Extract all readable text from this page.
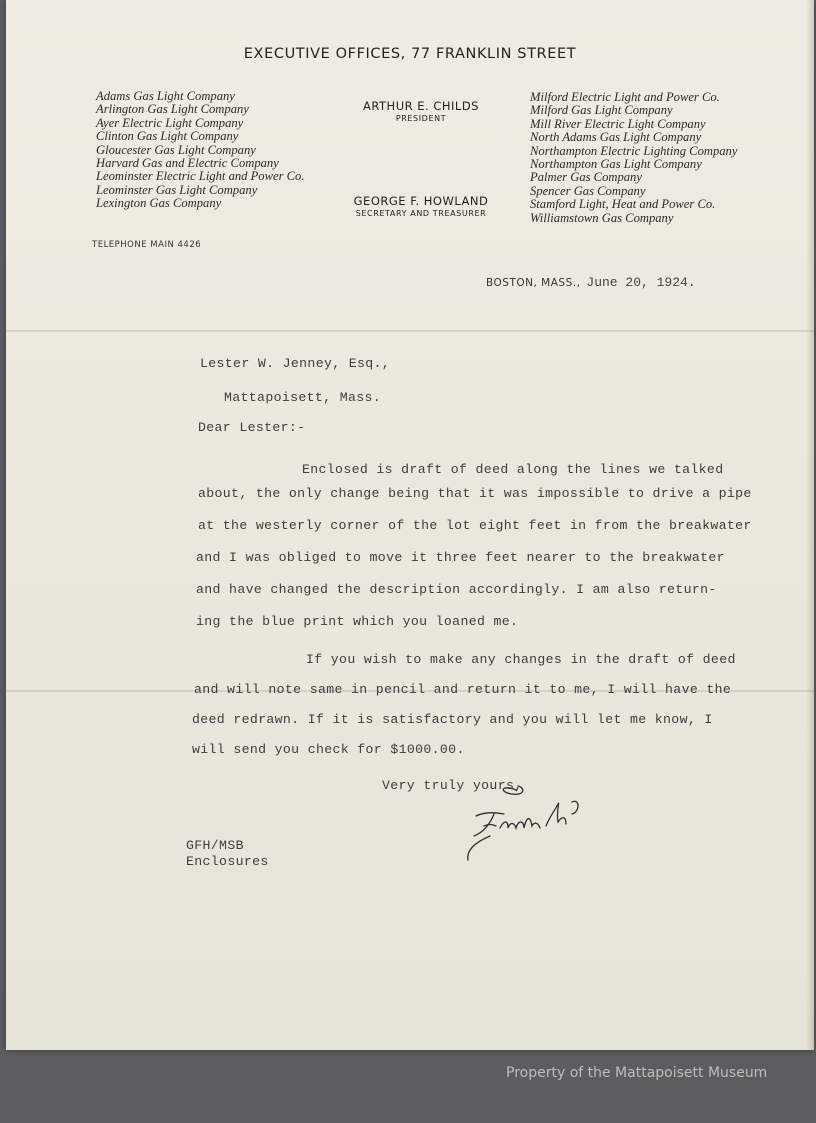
EXECUTIVE OFFICES, 77 FRANKLIN STREET
Adams Gas Light Company
Arlington Gas Light Company
Ayer Electric Light Company
Clinton Gas Light Company
Gloucester Gas Light Company
Harvard Gas and Electric Company
Leominster Electric Light and Power Co.
Leominster Gas Light Company
Lexington Gas Company
ARTHUR E. CHILDS
PRESIDENT
GEORGE F. HOWLAND
SECRETARY AND TREASURER
Milford Electric Light and Power Co.
Milford Gas Light Company
Mill River Electric Light Company
North Adams Gas Light Company
Northampton Electric Lighting Company
Northampton Gas Light Company
Palmer Gas Company
Spencer Gas Company
Stamford Light, Heat and Power Co.
Williamstown Gas Company
TELEPHONE MAIN 4426
BOSTON, MASS., June 20, 1924.
Lester W. Jenney, Esq.,
Mattapoisett, Mass.
Dear Lester:-
Enclosed is draft of deed along the lines we talked
about, the only change being that it was impossible to drive a pipe
at the westerly corner of the lot eight feet in from the breakwater
and I was obliged to move it three feet nearer to the breakwater
and have changed the description accordingly. I am also return-
ing the blue print which you loaned me.
If you wish to make any changes in the draft of deed
and will note same in pencil and return it to me, I will have the
deed redrawn. If it is satisfactory and you will let me know, I
will send you check for $1000.00.
Very truly yours,
GFH/MSB
Enclosures
Property of the Mattapoisett Museum
